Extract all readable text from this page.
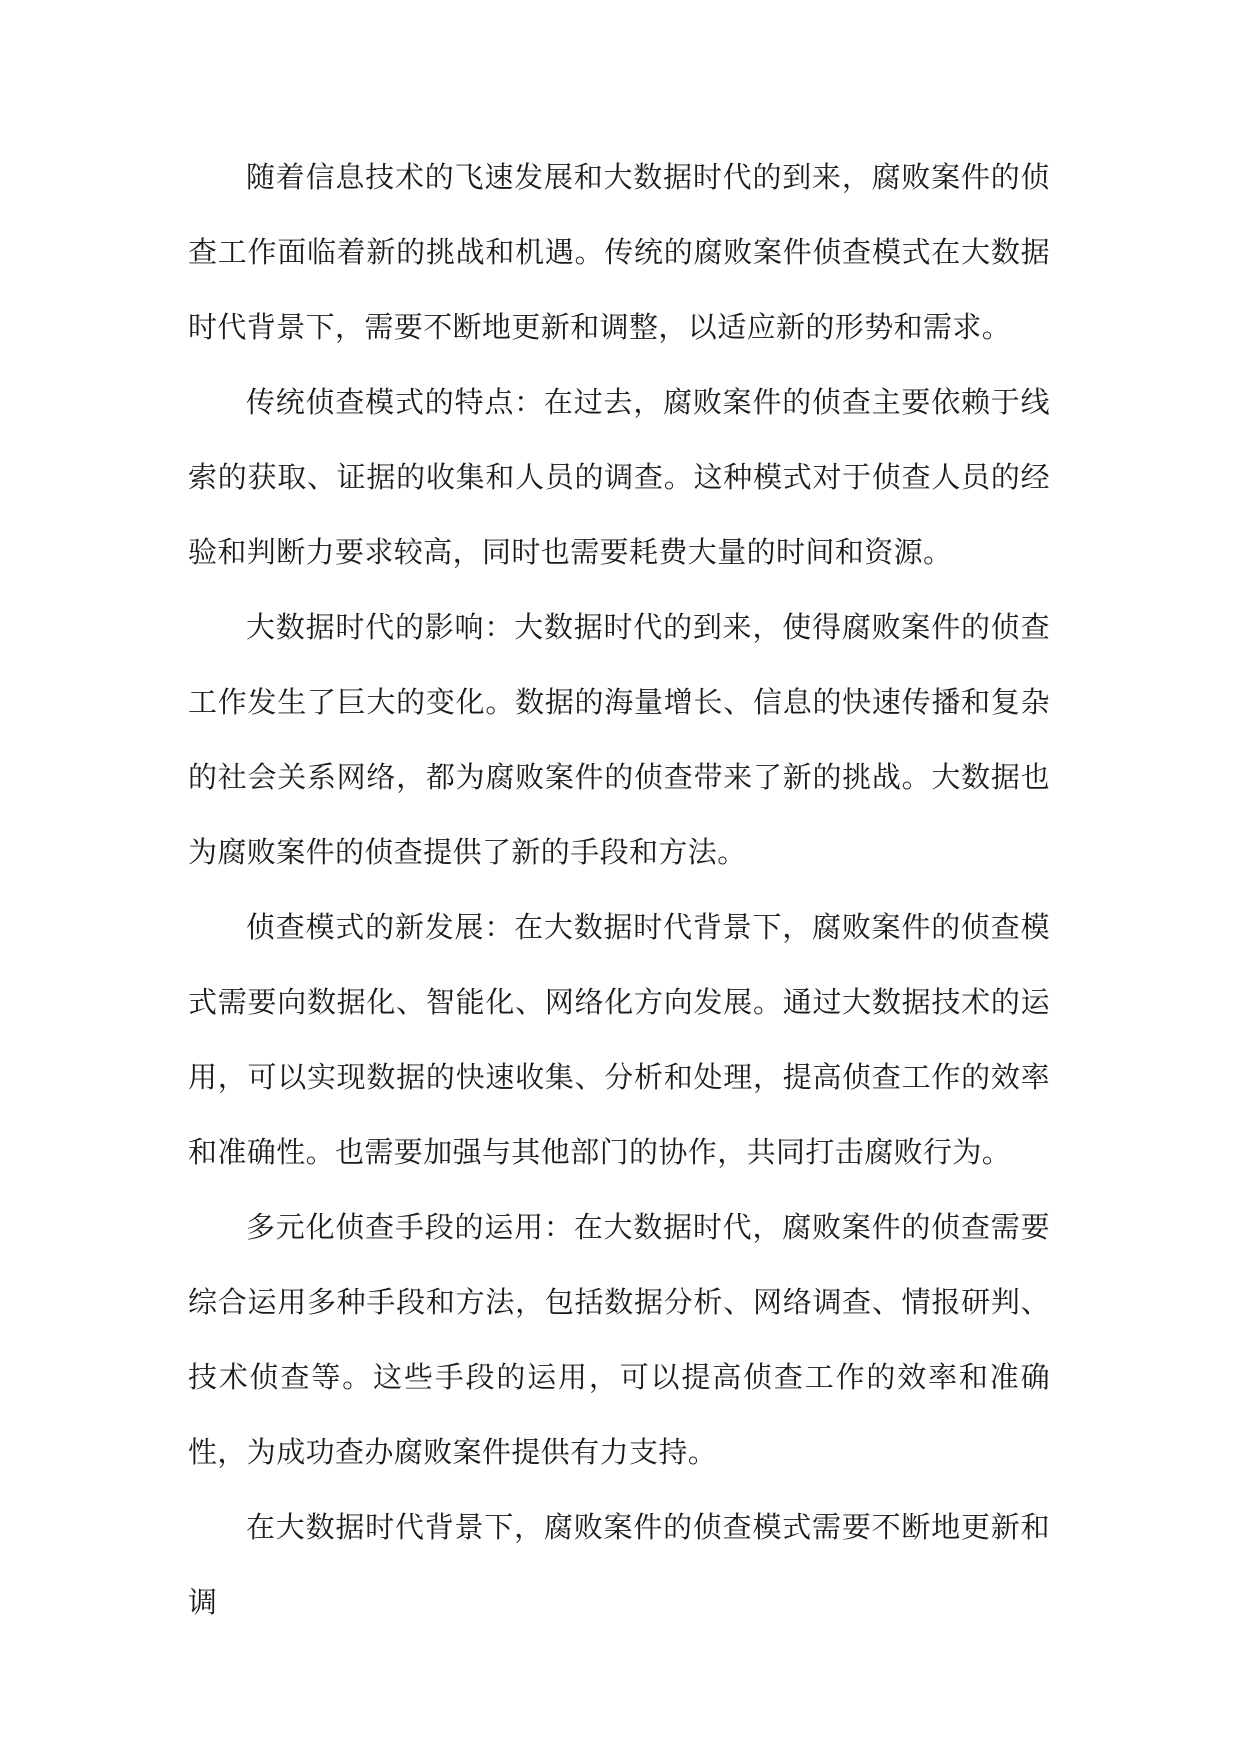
随着信息技术的飞速发展和大数据时代的到来，腐败案件的侦查工作面临着新的挑战和机遇。传统的腐败案件侦查模式在大数据时代背景下，需要不断地更新和调整，以适应新的形势和需求。

传统侦查模式的特点：在过去，腐败案件的侦查主要依赖于线索的获取、证据的收集和人员的调查。这种模式对于侦查人员的经验和判断力要求较高，同时也需要耗费大量的时间和资源。

大数据时代的影响：大数据时代的到来，使得腐败案件的侦查工作发生了巨大的变化。数据的海量增长、信息的快速传播和复杂的社会关系网络，都为腐败案件的侦查带来了新的挑战。大数据也为腐败案件的侦查提供了新的手段和方法。

侦查模式的新发展：在大数据时代背景下，腐败案件的侦查模式需要向数据化、智能化、网络化方向发展。通过大数据技术的运用，可以实现数据的快速收集、分析和处理，提高侦查工作的效率和准确性。也需要加强与其他部门的协作，共同打击腐败行为。

多元化侦查手段的运用：在大数据时代，腐败案件的侦查需要综合运用多种手段和方法，包括数据分析、网络调查、情报研判、技术侦查等。这些手段的运用，可以提高侦查工作的效率和准确性，为成功查办腐败案件提供有力支持。

在大数据时代背景下，腐败案件的侦查模式需要不断地更新和调
